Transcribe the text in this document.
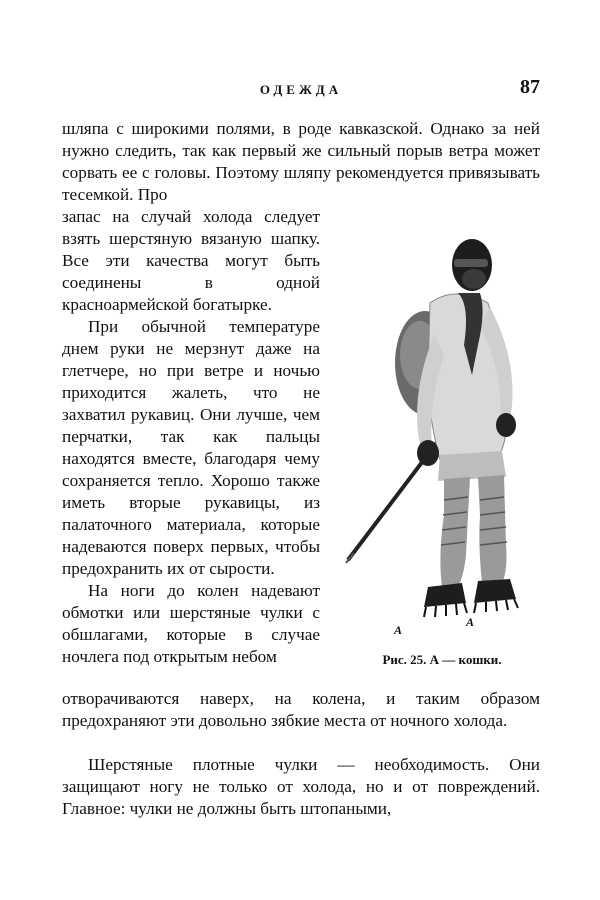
ОДЕЖДА	87

шляпа с широкими полями, в роде кавказской. Однако за ней нужно следить, так как первый же сильный порыв ветра может сорвать ее с головы. Поэтому шляпу рекомендуется привязывать тесемкой. Про

запас на случай холода следует взять шерстяную вязаную шапку. Все эти качества могут быть соединены в одной красноармейской богатырке.

При обычной температуре днем руки не мерзнут даже на глетчере, но при ветре и ночью приходится жалеть, что не захватил рукавиц. Они лучше, чем перчатки, так как пальцы находятся вместе, благодаря чему сохраняется тепло. Хорошо также иметь вторые рукавицы, из палаточного материала, которые надеваются поверх первых, чтобы предохранить их от сырости.

На ноги до колен надевают обмотки или шерстяные чулки с обшлагами, которые в случае ночлега под открытым небом

А
А
Рис. 25. А — кошки.

отворачиваются наверх, на колена, и таким образом предохраняют эти довольно зябкие места от ночного холода.

Шерстяные плотные чулки — необходимость. Они защищают ногу не только от холода, но и от повреждений. Главное: чулки не должны быть штопаными,
